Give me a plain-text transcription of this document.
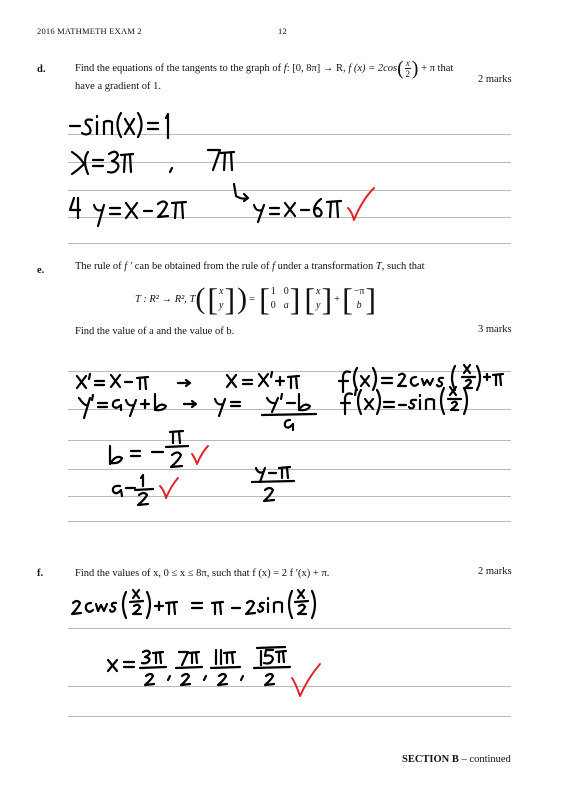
2016 MATHMETH EXAM 2	12
d.	Find the equations of the tangents to the graph of f: [0, 8π] → R, f $(x) = 2\cos( \frac{x}{2}$ ) + π that
have a gradient of 1.
2 marks
e.	The rule of f ′ can be obtained from the rule of f under a transformation T, such that
T : R² → R², T ( [ x
y ] ) = [ 1 0
0 a ] [ x
y ] + [ −π
b ]
Find the value of a and the value of b.	3 marks
f.	Find the values of x, 0 ≤ x ≤ 8π, such that f (x) = 2 f ′(x) + π.	2 marks
SECTION B – continued
